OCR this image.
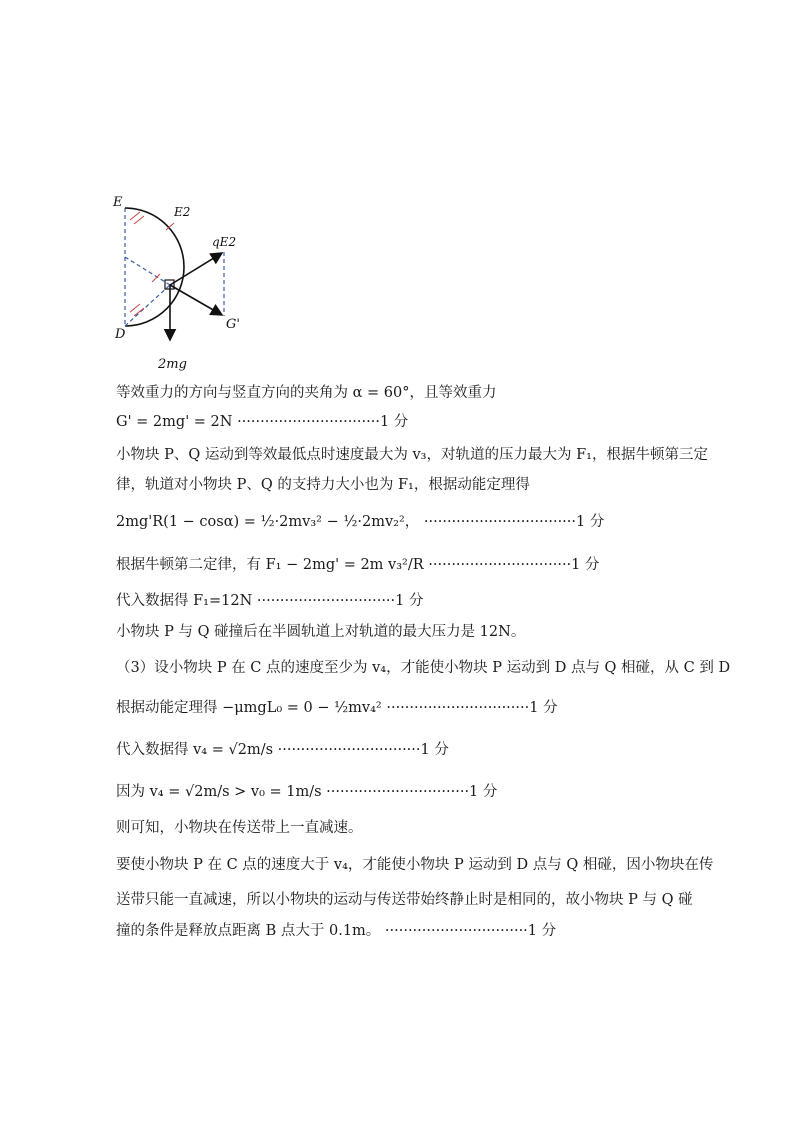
E
E2
qE2
D
G'
2mg
等效重力的方向与竖直方向的夹角为 α = 60°，且等效重力
G' = 2mg' = 2N ·······························1 分
小物块 P、Q 运动到等效最低点时速度最大为 v₃，对轨道的压力最大为 F₁，根据牛顿第三定
律，轨道对小物块 P、Q 的支持力大小也为 F₁，根据动能定理得
2mg'R(1 − cosα) = ½·2mv₃² − ½·2mv₂²， ·································1 分
根据牛顿第二定律，有 F₁ − 2mg' = 2m v₃²/R ·······························1 分
代入数据得 F₁=12N ······························1 分
小物块 P 与 Q 碰撞后在半圆轨道上对轨道的最大压力是 12N。
（3）设小物块 P 在 C 点的速度至少为 v₄，才能使小物块 P 运动到 D 点与 Q 相碰，从 C 到 D
根据动能定理得 −μmgL₀ = 0 − ½mv₄² ·······························1 分
代入数据得 v₄ = √2m/s ·······························1 分
因为 v₄ = √2m/s > v₀ = 1m/s ·······························1 分
则可知，小物块在传送带上一直减速。
要使小物块 P 在 C 点的速度大于 v₄，才能使小物块 P 运动到 D 点与 Q 相碰，因小物块在传
送带只能一直减速，所以小物块的运动与传送带始终静止时是相同的，故小物块 P 与 Q 碰
撞的条件是释放点距离 B 点大于 0.1m。 ·······························1 分
